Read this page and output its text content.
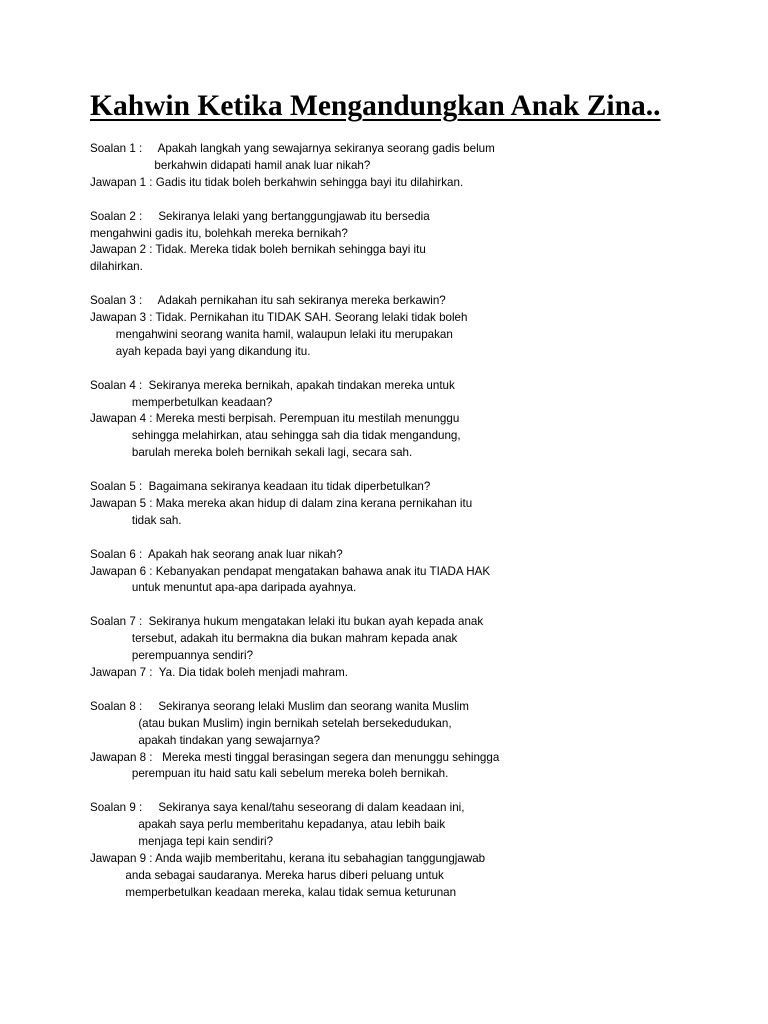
Kahwin Ketika Mengandungkan Anak Zina..
Soalan 1 :     Apakah langkah yang sewajarnya sekiranya seorang gadis belum
berkahwin didapati hamil anak luar nikah?
Jawapan 1 : Gadis itu tidak boleh berkahwin sehingga bayi itu dilahirkan.
Soalan 2 :     Sekiranya lelaki yang bertanggungjawab itu bersedia
mengahwini gadis itu, bolehkah mereka bernikah?
Jawapan 2 : Tidak. Mereka tidak boleh bernikah sehingga bayi itu
dilahirkan.
Soalan 3 :     Adakah pernikahan itu sah sekiranya mereka berkawin?
Jawapan 3 : Tidak. Pernikahan itu TIDAK SAH. Seorang lelaki tidak boleh
mengahwini seorang wanita hamil, walaupun lelaki itu merupakan
ayah kepada bayi yang dikandung itu.
Soalan 4 :  Sekiranya mereka bernikah, apakah tindakan mereka untuk
memperbetulkan keadaan?
Jawapan 4 : Mereka mesti berpisah. Perempuan itu mestilah menunggu
sehingga melahirkan, atau sehingga sah dia tidak mengandung,
barulah mereka boleh bernikah sekali lagi, secara sah.
Soalan 5 :  Bagaimana sekiranya keadaan itu tidak diperbetulkan?
Jawapan 5 : Maka mereka akan hidup di dalam zina kerana pernikahan itu
tidak sah.
Soalan 6 :  Apakah hak seorang anak luar nikah?
Jawapan 6 : Kebanyakan pendapat mengatakan bahawa anak itu TIADA HAK
untuk menuntut apa-apa daripada ayahnya.
Soalan 7 :  Sekiranya hukum mengatakan lelaki itu bukan ayah kepada anak
tersebut, adakah itu bermakna dia bukan mahram kepada anak
perempuannya sendiri?
Jawapan 7 :  Ya. Dia tidak boleh menjadi mahram.
Soalan 8 :     Sekiranya seorang lelaki Muslim dan seorang wanita Muslim
(atau bukan Muslim) ingin bernikah setelah bersekedudukan,
apakah tindakan yang sewajarnya?
Jawapan 8 :   Mereka mesti tinggal berasingan segera dan menunggu sehingga
perempuan itu haid satu kali sebelum mereka boleh bernikah.
Soalan 9 :     Sekiranya saya kenal/tahu seseorang di dalam keadaan ini,
apakah saya perlu memberitahu kepadanya, atau lebih baik
menjaga tepi kain sendiri?
Jawapan 9 : Anda wajib memberitahu, kerana itu sebahagian tanggungjawab
anda sebagai saudaranya. Mereka harus diberi peluang untuk
memperbetulkan keadaan mereka, kalau tidak semua keturunan
